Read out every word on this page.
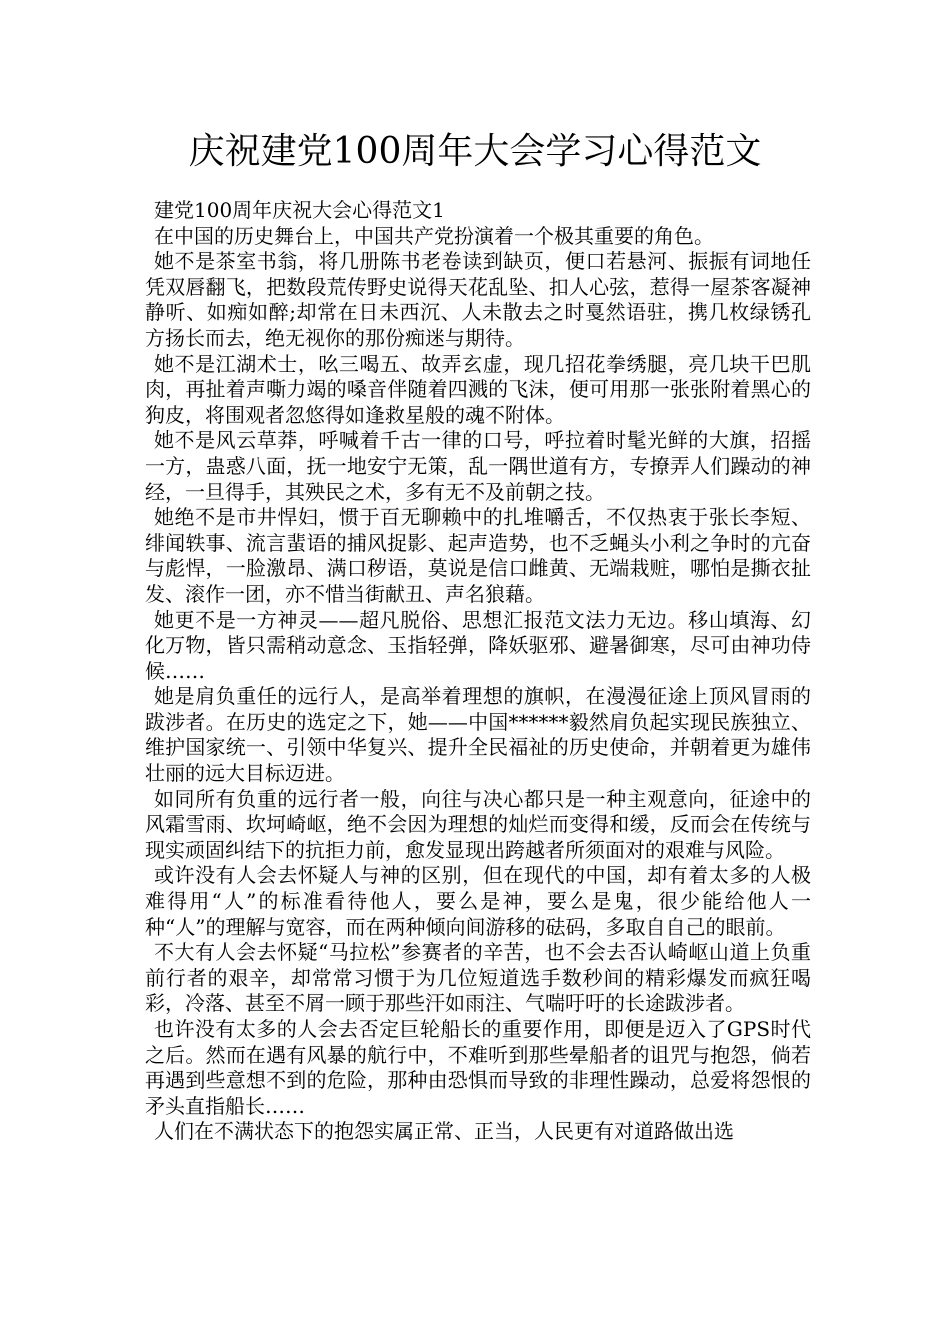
庆祝建党100周年大会学习心得范文

建党100周年庆祝大会心得范文1

在中国的历史舞台上，中国共产党扮演着一个极其重要的角色。

她不是茶室书翁，将几册陈书老卷读到缺页，便口若悬河、振振有词地任凭双唇翻飞，把数段荒传野史说得天花乱坠、扣人心弦，惹得一屋茶客凝神静听、如痴如醉;却常在日未西沉、人未散去之时戛然语驻，携几枚绿锈孔方扬长而去，绝无视你的那份痴迷与期待。

她不是江湖术士，吆三喝五、故弄玄虚，现几招花拳绣腿，亮几块干巴肌肉，再扯着声嘶力竭的嗓音伴随着四溅的飞沫，便可用那一张张附着黑心的狗皮，将围观者忽悠得如逢救星般的魂不附体。

她不是风云草莽，呼喊着千古一律的口号，呼拉着时髦光鲜的大旗，招摇一方，蛊惑八面，抚一地安宁无策，乱一隅世道有方，专撩弄人们躁动的神经，一旦得手，其殃民之术，多有无不及前朝之技。

她绝不是市井悍妇，惯于百无聊赖中的扎堆嚼舌，不仅热衷于张长李短、绯闻轶事、流言蜚语的捕风捉影、起声造势，也不乏蝇头小利之争时的亢奋与彪悍，一脸激昂、满口秽语，莫说是信口雌黄、无端栽赃，哪怕是撕衣扯发、滚作一团，亦不惜当街献丑、声名狼藉。

她更不是一方神灵——超凡脱俗、思想汇报范文法力无边。移山填海、幻化万物，皆只需稍动意念、玉指轻弹，降妖驱邪、避暑御寒，尽可由神功侍候……

她是肩负重任的远行人，是高举着理想的旗帜，在漫漫征途上顶风冒雨的跋涉者。在历史的选定之下，她——中国******毅然肩负起实现民族独立、维护国家统一、引领中华复兴、提升全民福祉的历史使命，并朝着更为雄伟壮丽的远大目标迈进。

如同所有负重的远行者一般，向往与决心都只是一种主观意向，征途中的风霜雪雨、坎坷崎岖，绝不会因为理想的灿烂而变得和缓，反而会在传统与现实顽固纠结下的抗拒力前，愈发显现出跨越者所须面对的艰难与风险。

或许没有人会去怀疑人与神的区别，但在现代的中国，却有着太多的人极难得用“人”的标准看待他人，要么是神，要么是鬼，很少能给他人一种“人”的理解与宽容，而在两种倾向间游移的砝码，多取自自己的眼前。

不大有人会去怀疑“马拉松”参赛者的辛苦，也不会去否认崎岖山道上负重前行者的艰辛，却常常习惯于为几位短道选手数秒间的精彩爆发而疯狂喝彩，冷落、甚至不屑一顾于那些汗如雨注、气喘吁吁的长途跋涉者。

也许没有太多的人会去否定巨轮船长的重要作用，即便是迈入了GPS时代之后。然而在遇有风暴的航行中，不难听到那些晕船者的诅咒与抱怨，倘若再遇到些意想不到的危险，那种由恐惧而导致的非理性躁动，总爱将怨恨的矛头直指船长……

人们在不满状态下的抱怨实属正常、正当，人民更有对道路做出选
